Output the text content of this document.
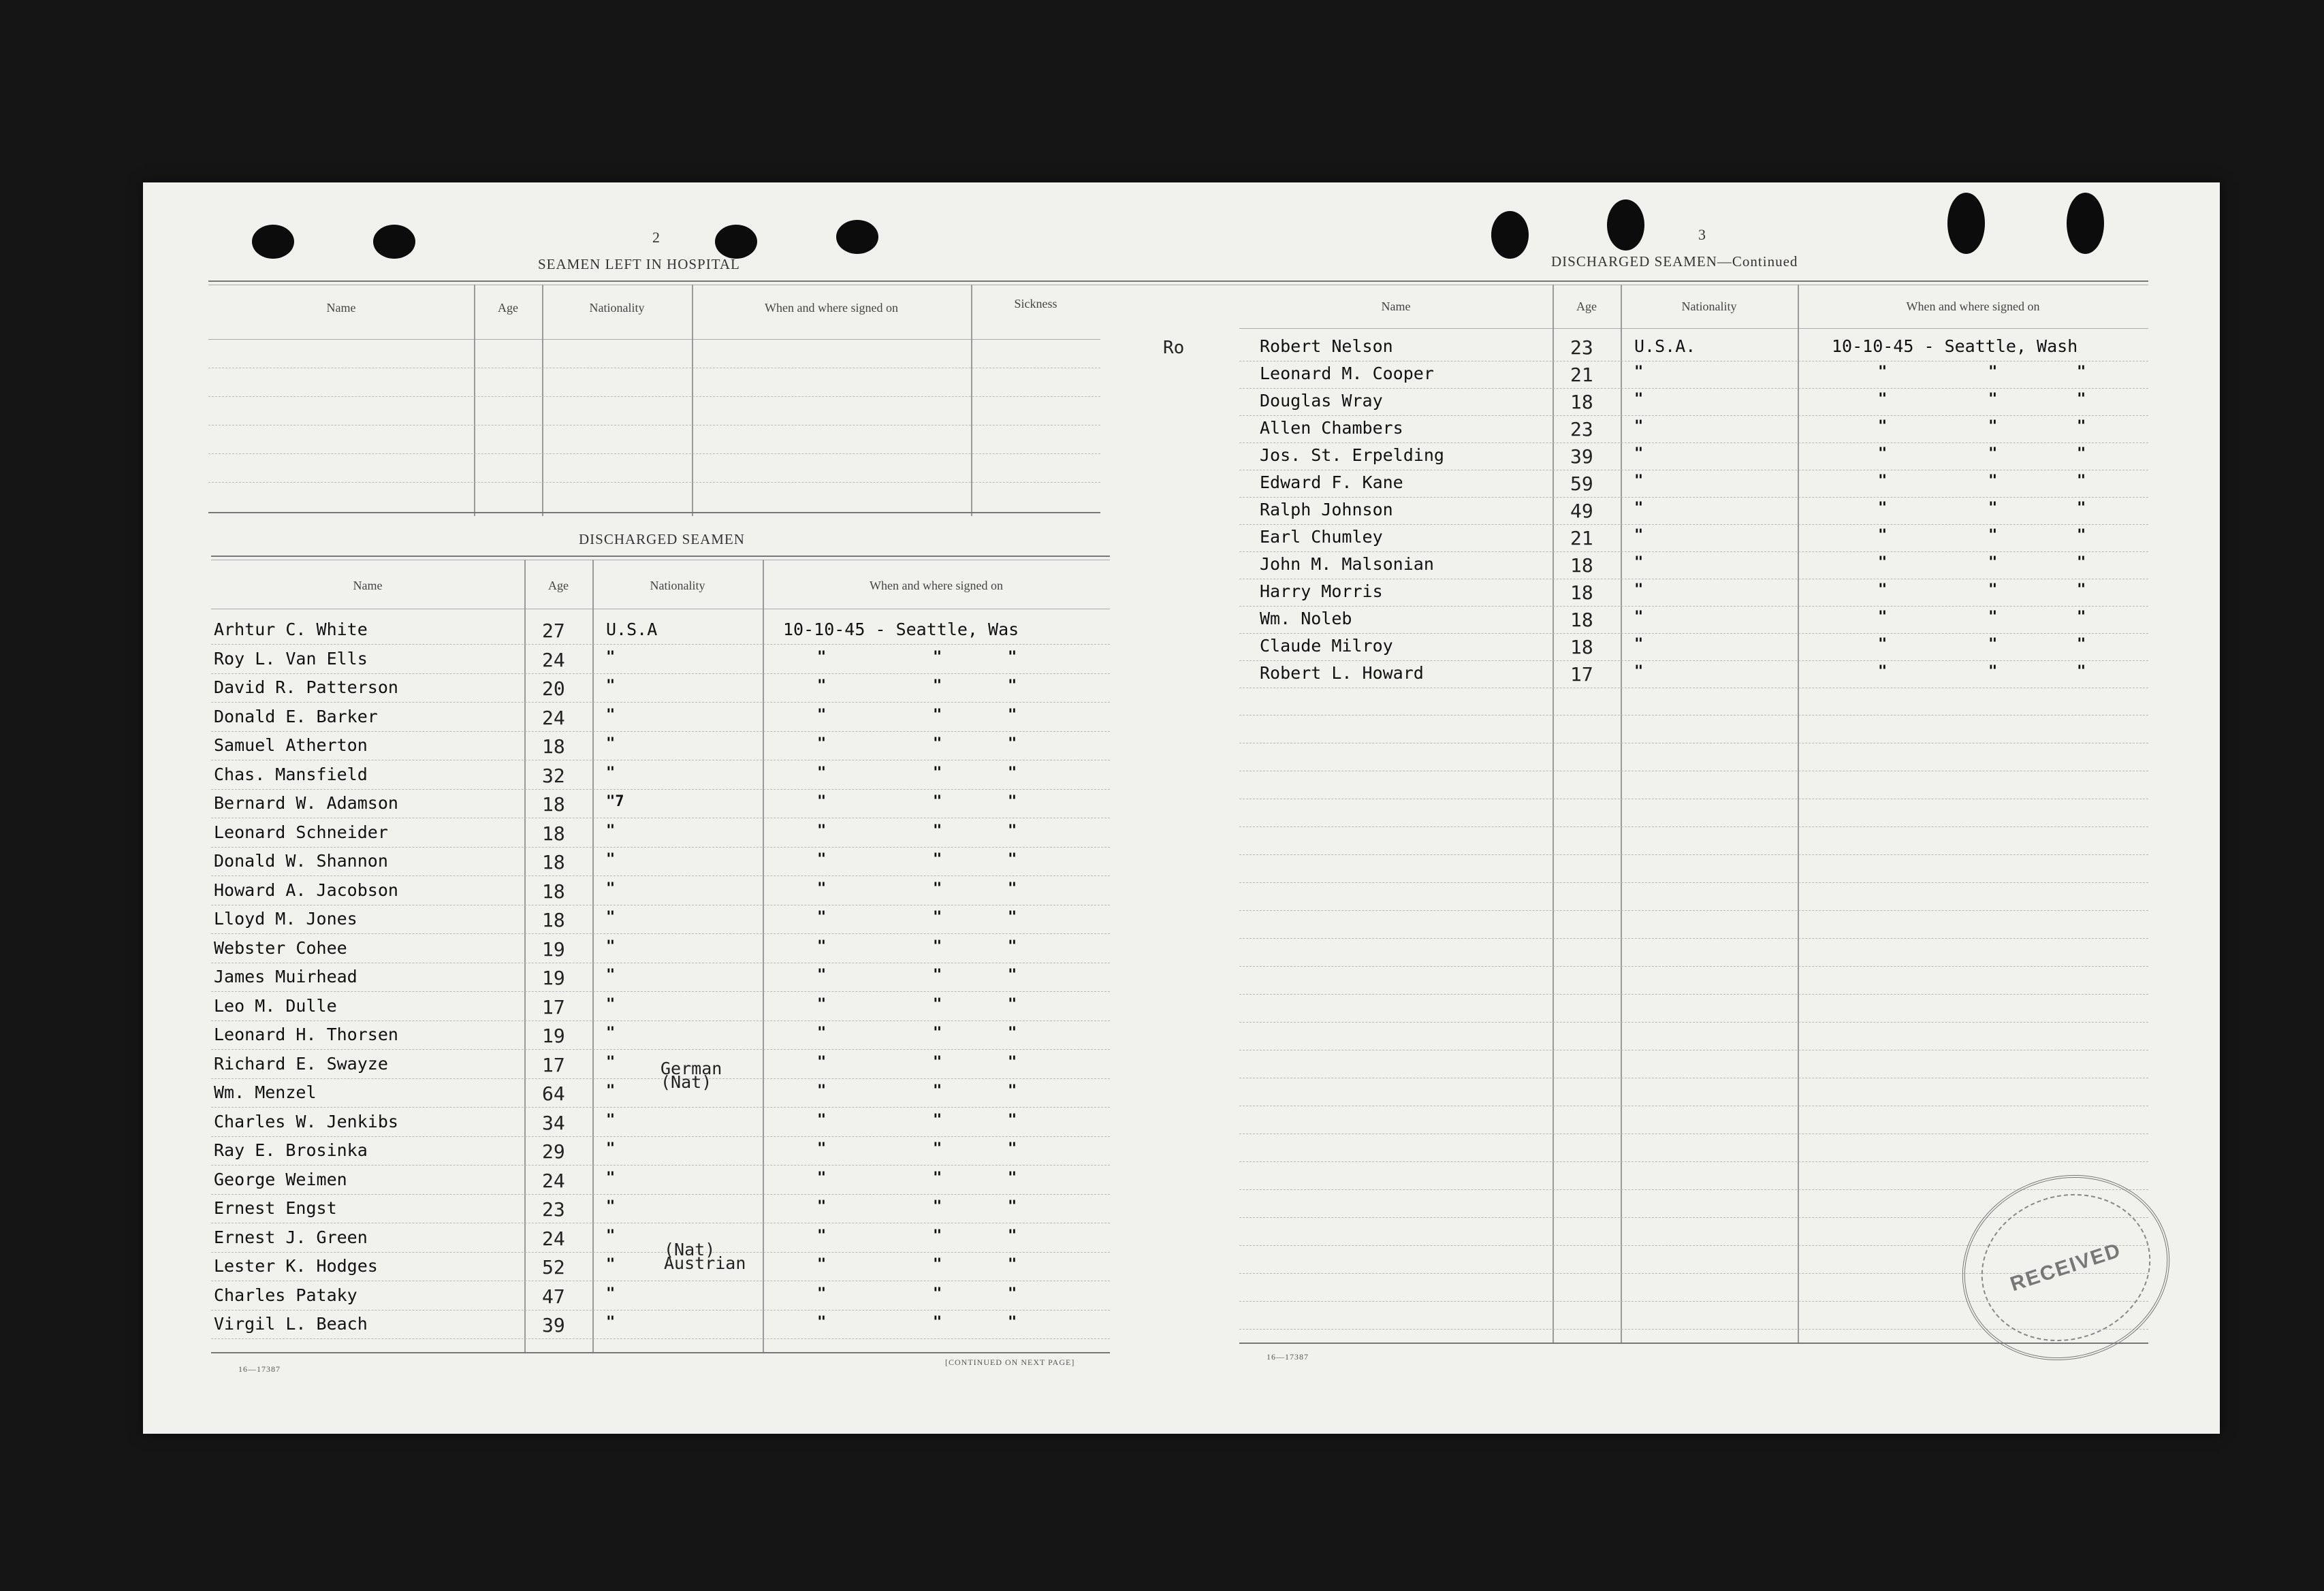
2
SEAMEN LEFT IN HOSPITAL
Name	Age	Nationality	When and where signed on	Sickness
DISCHARGED SEAMEN
Name	Age	Nationality	When and where signed on
Arhtur C. White	27 U.S.A	10-10-45 - Seattle, Was
Roy L. Van Ells	24	"	"	"	"
David R. Patterson	20	"	"	"	"
Donald E. Barker	24	"	"	"	"
Samuel Atherton	18	"	"	"	"
Chas. Mansfield	32	"	"	"	"
Bernard W. Adamson	18	"7	"	"	"
Leonard Schneider	18	"	"	"	"
Donald W. Shannon	18	"	"	"	"
Howard A. Jacobson	18	"	"	"	"
Lloyd M. Jones	18	"	"	"	"
Webster Cohee	19	"	"	"	"
James Muirhead	19	"	"	"	"
Leo M. Dulle	17	"	"	"	"
Leonard H. Thorsen	19	"	"	"	"
Richard E. Swayze	17	"	"	"	"
Wm. Menzel	64	"	"	"	"
Charles W. Jenkibs	34	"	"	"	"
Ray E. Brosinka	29	"	"	"	"
George Weimen	24	"	"	"	"
Ernest Engst	23	"	"	"	"
Ernest J. Green	24	"	"	"	"
Lester K. Hodges	52	"	"	"	"
Charles Pataky	47	"	"	"	"
Virgil L. Beach	39	"	"	"	"
German
(Nat)
(Nat)
Austrian
16—17387
[CONTINUED ON NEXT PAGE]
3
DISCHARGED SEAMEN—Continued
Ro
Name	Age	Nationality	When and where signed on
Robert Nelson	23 U.S.A.	10-10-45 - Seattle, Wash
Leonard M. Cooper	21	"	"	"	"
Douglas Wray	18	"	"	"	"
Allen Chambers	23	"	"	"	"
Jos. St. Erpelding	39	"	"	"	"
Edward F. Kane	59	"	"	"	"
Ralph Johnson	49	"	"	"	"
Earl Chumley	21	"	"	"	"
John M. Malsonian	18	"	"	"	"
Harry Morris	18	"	"	"	"
Wm. Noleb	18	"	"	"	"
Claude Milroy	18	"	"	"	"
Robert L. Howard	17	"	"	"	"
16—17387
RECEIVED
